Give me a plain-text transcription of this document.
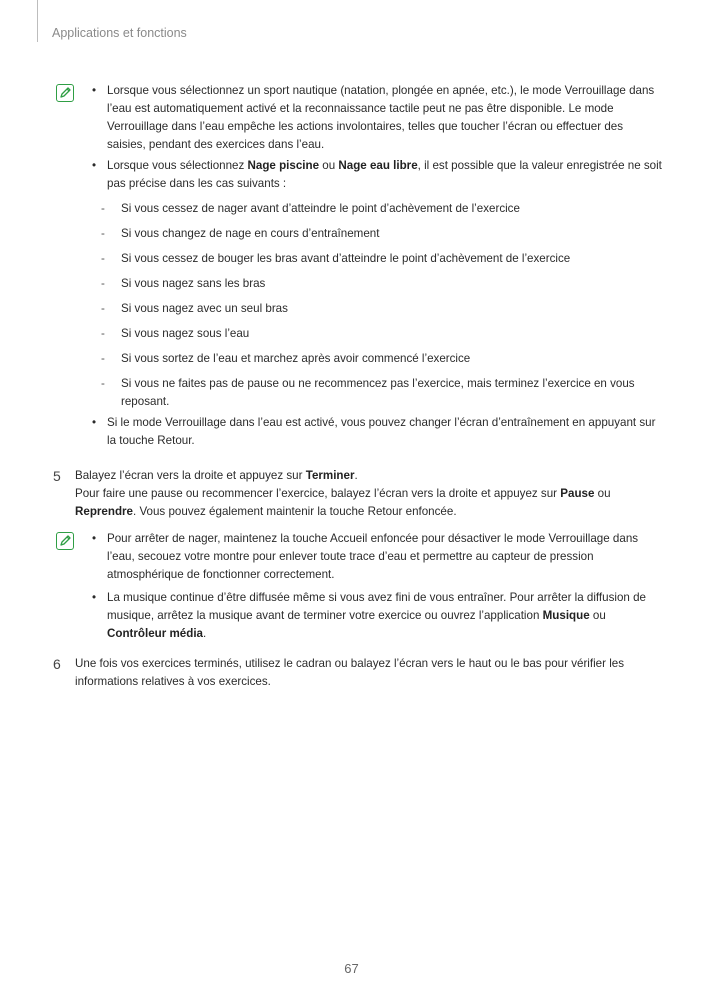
Applications et fonctions

• Lorsque vous sélectionnez un sport nautique (natation, plongée en apnée, etc.), le mode Verrouillage dans l’eau est automatiquement activé et la reconnaissance tactile peut ne pas être disponible. Le mode Verrouillage dans l’eau empêche les actions involontaires, telles que toucher l’écran ou effectuer des saisies, pendant des exercices dans l’eau.

• Lorsque vous sélectionnez Nage piscine ou Nage eau libre, il est possible que la valeur enregistrée ne soit pas précise dans les cas suivants :

- Si vous cessez de nager avant d’atteindre le point d’achèvement de l’exercice

- Si vous changez de nage en cours d’entraînement

- Si vous cessez de bouger les bras avant d’atteindre le point d’achèvement de l’exercice

- Si vous nagez sans les bras

- Si vous nagez avec un seul bras

- Si vous nagez sous l’eau

- Si vous sortez de l’eau et marchez après avoir commencé l’exercice

- Si vous ne faites pas de pause ou ne recommencez pas l’exercice, mais terminez l’exercice en vous reposant.

• Si le mode Verrouillage dans l’eau est activé, vous pouvez changer l’écran d’entraînement en appuyant sur la touche Retour.

5 Balayez l’écran vers la droite et appuyez sur Terminer.

Pour faire une pause ou recommencer l’exercice, balayez l’écran vers la droite et appuyez sur Pause ou Reprendre. Vous pouvez également maintenir la touche Retour enfoncée.

• Pour arrêter de nager, maintenez la touche Accueil enfoncée pour désactiver le mode Verrouillage dans l’eau, secouez votre montre pour enlever toute trace d’eau et permettre au capteur de pression atmosphérique de fonctionner correctement.

• La musique continue d’être diffusée même si vous avez fini de vous entraîner. Pour arrêter la diffusion de musique, arrêtez la musique avant de terminer votre exercice ou ouvrez l’application Musique ou Contrôleur média.

6 Une fois vos exercices terminés, utilisez le cadran ou balayez l’écran vers le haut ou le bas pour vérifier les informations relatives à vos exercices.

67
